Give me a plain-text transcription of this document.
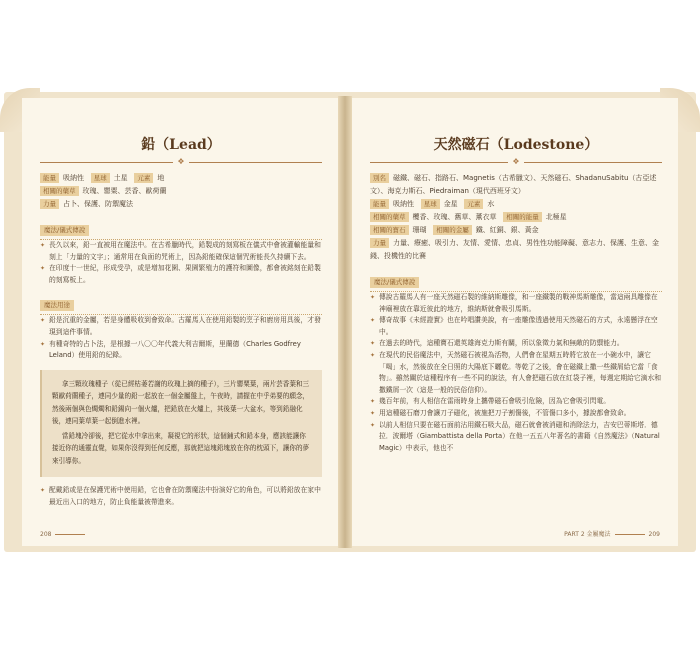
鉛（Lead）
❖
能量 吸納性 星球 土星 元素 地
相關的藥草 玫瑰、罌粟、芸香、歐荷蘭
力量 占卜、保護、防禦魔法
魔法/儀式傳說
✦ 長久以來，鉛一直被用在魔法中。在古希臘時代，鉛製成的刻寫板在儀式中會被灌輸能量和刻上「力量的文字」；通常用在負面的咒術上，因為鉛能確保這個咒術能長久持續下去。
✦ 在印度十一世紀，形成受孕，或是增加花園、果園繁殖力的護符和圖像，都會被銘刻在鉛製的刻寫板上。
魔法用途
✦ 鉛是沉重的金屬，若是身體吸收到會致命。古羅馬人在使用鉛製的烹子和廚房用具後，才發現到這件事情。
✦ 有種奇特的占卜法，是根據一八〇〇年代義大利吉爾斯，里蘭德（Charles Godfrey Leland）使用鉛的紀錄。

拿三顆玫瑰種子（從已經枯萎若謝的玫瑰上摘的種子），三片罌粟葉，兩片芸香葉和三顆歐荷蘭種子，連同少量的鉛一起放在一個金屬盤上，午夜時，請握在中乎弟要的願念，然後兩個與色燭燭和鉛錫向一個火爐，把鉛放在火爐上，其後葉一大盆水，等到鉛融化後，連同葉草葉一起倒進水裡。

當鉛塊冷卻後，把它從水中拿出來，凝視它的形狀，這個鋪式和鉛本身，應該能讓你接近你的通靈直覺，如果你沒得到任何反應，那就把這塊鉛塊放在你的枕頭下，讓你的夢來引導你。

✦ 配戴鉛或是在保護咒術中使用鉛，它也會在防禦魔法中扮演好它的角色，可以將鉛放在家中最近出入口的地方，防止負能量被帶進來。
208
天然磁石（Lodestone）
❖
別名 磁鐵、磁石、指路石、Magnetis（古希臘文）、天然磁石、ShadanuSabitu（古亞述文）、海克力斯石、Piedraiman（現代西班牙文）
能量 吸納性 星球 金星 元素 水
相關的藥草 欖香、玫瑰、舊草、薰衣草 相關的能量 北極星
相關的寶石 珊瑚 相關的金屬 鐵、紅銅、銀、黃金
力量 力量、療癒、吸引力、友情、愛情、忠貞、男性性功能障礙、意志力、保護、生意、金錢、投機性的比賽
魔法/儀式傳說
✦ 傳說古羅馬人有一座天然磁石製的維納斯雕像，和一座鐵製的戰神馬斯雕像，當這兩具雕像在神廟裡放在靠近彼此的地方，維納斯就會吸引馬斯。
✦ 傳奇故事《未經證實》也在吟唱讚美說，有一座雕像透過使用天然磁石的方式，永遠懸浮在空中。
✦ 在過去的時代，這種寶石還英雄海克力斯有關，所以象徵力氣和無敵的防禦能力。
✦ 在現代的民俗魔法中，天然磁石被視為活物，人們會在星期五時將它放在一小碗水中，讓它「喝」水，然後放在全日照的大陽底下曬乾。等乾了之後，會在磁鐵上撒一些鐵屑給它當「食物」。雖然關於這種程序有一些不同的說法，有人會把磁石放在紅袋子裡，每週定期給它滴水和撒鐵屑一次（這是一般的民俗信仰）。
✦ 幾百年前，有人相信在雷雨時身上攜帶磁石會吸引危險，因為它會吸引閃電。
✦ 用這種磁石磨刀會讓刀子磁化，被施把刀子割傷後，不管傷口多小，據說都會致命。
✦ 以前人相信只要在磁石面前沾用鐵石吸大品，磁石就會被消磁和消除法力，吉安巴蒂斯塔．德拉．波爾塔（Giambattista della Porta）在他一五五八年著名的書籍《自然魔法》（Natural Magic）中表示，他也不
PART 2 金屬魔法	209
